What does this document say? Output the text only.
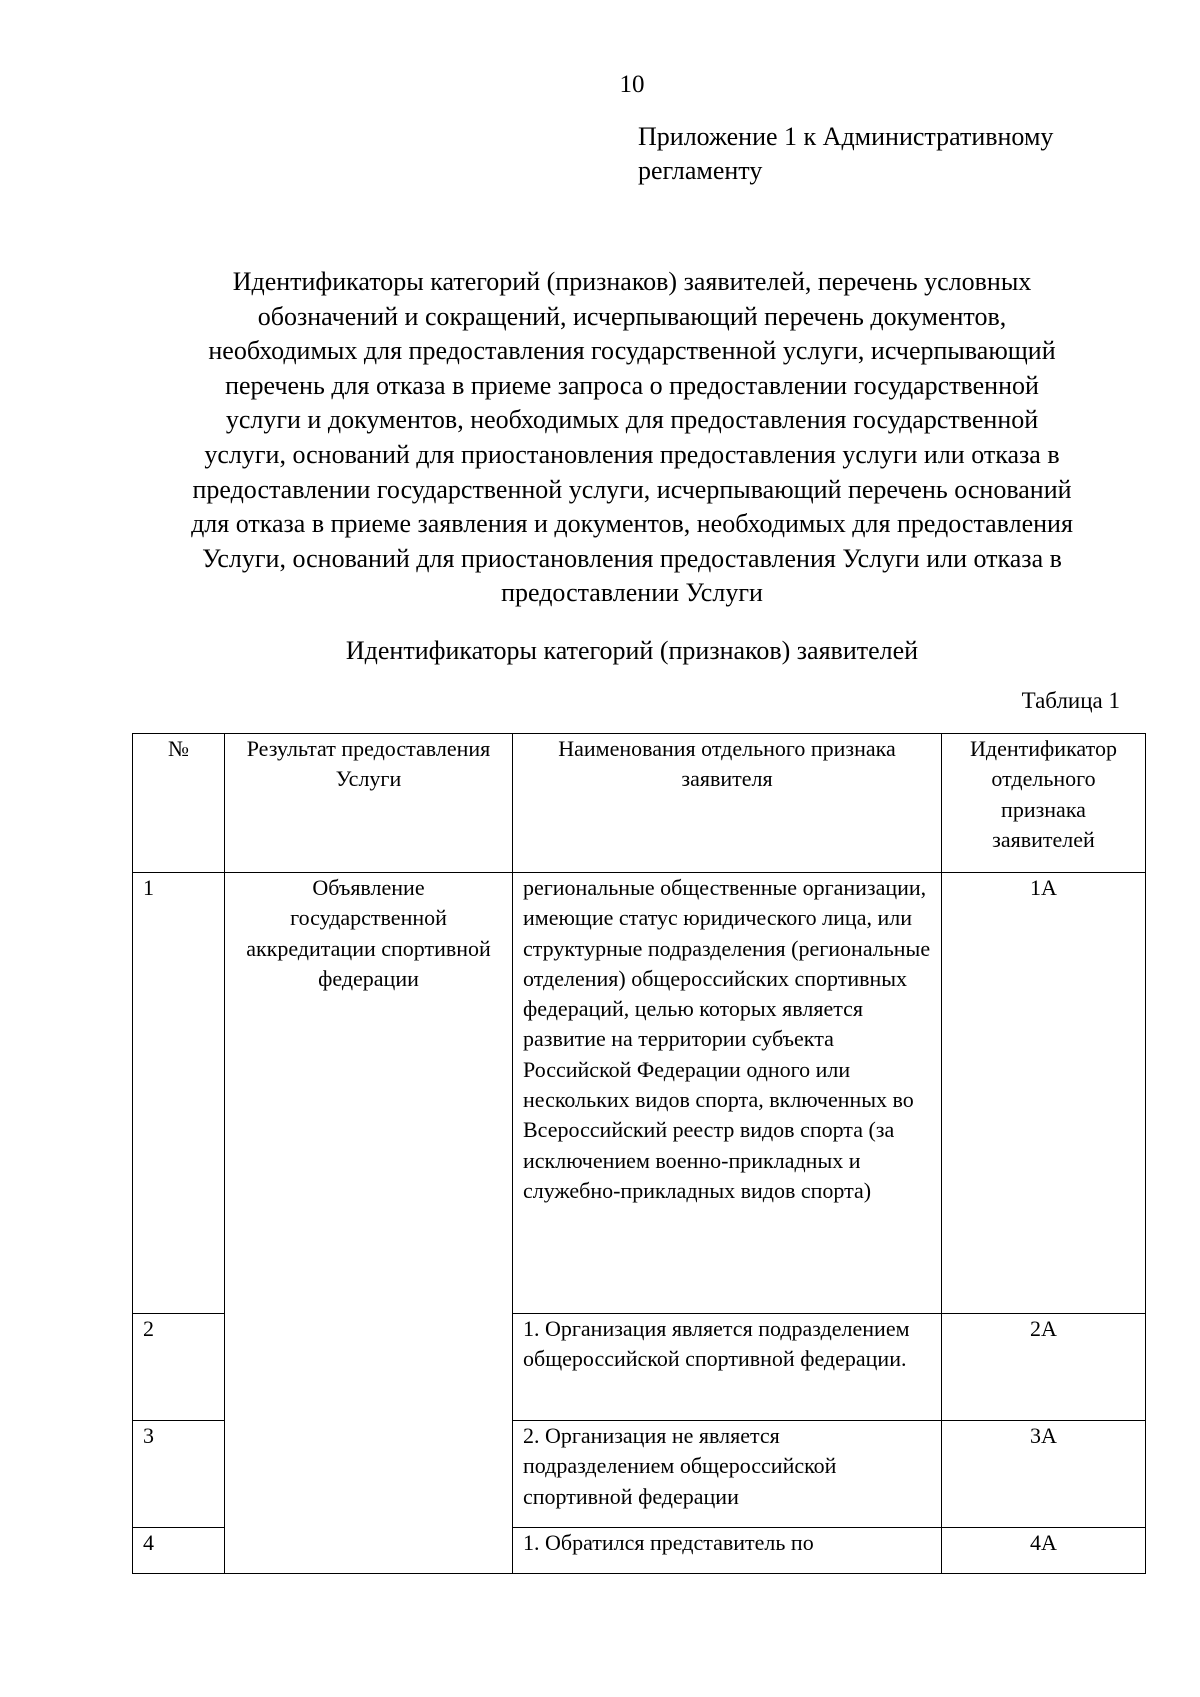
10
Приложение 1 к Административному
регламенту
Идентификаторы категорий (признаков) заявителей, перечень условных
обозначений и сокращений, исчерпывающий перечень документов,
необходимых для предоставления государственной услуги, исчерпывающий
перечень для отказа в приеме запроса о предоставлении государственной
услуги и документов, необходимых для предоставления государственной
услуги, оснований для приостановления предоставления услуги или отказа в
предоставлении государственной услуги, исчерпывающий перечень оснований
для отказа в приеме заявления и документов, необходимых для предоставления
Услуги, оснований для приостановления предоставления Услуги или отказа в
предоставлении Услуги
Идентификаторы категорий (признаков) заявителей
Таблица 1
№	Результат предоставления Услуги	Наименования отдельного признака заявителя	Идентификатор отдельного признака заявителей
1	Объявление государственной аккредитации спортивной федерации	региональные общественные организации, имеющие статус юридического лица, или структурные подразделения (региональные отделения) общероссийских спортивных федераций, целью которых является развитие на территории субъекта Российской Федерации одного или нескольких видов спорта, включенных во Всероссийский реестр видов спорта (за исключением военно-прикладных и служебно-прикладных видов спорта)	1А
2		1. Организация является подразделением общероссийской спортивной федерации.	2А
3		2. Организация не является подразделением общероссийской спортивной федерации	3А
4		1. Обратился представитель по	4А
